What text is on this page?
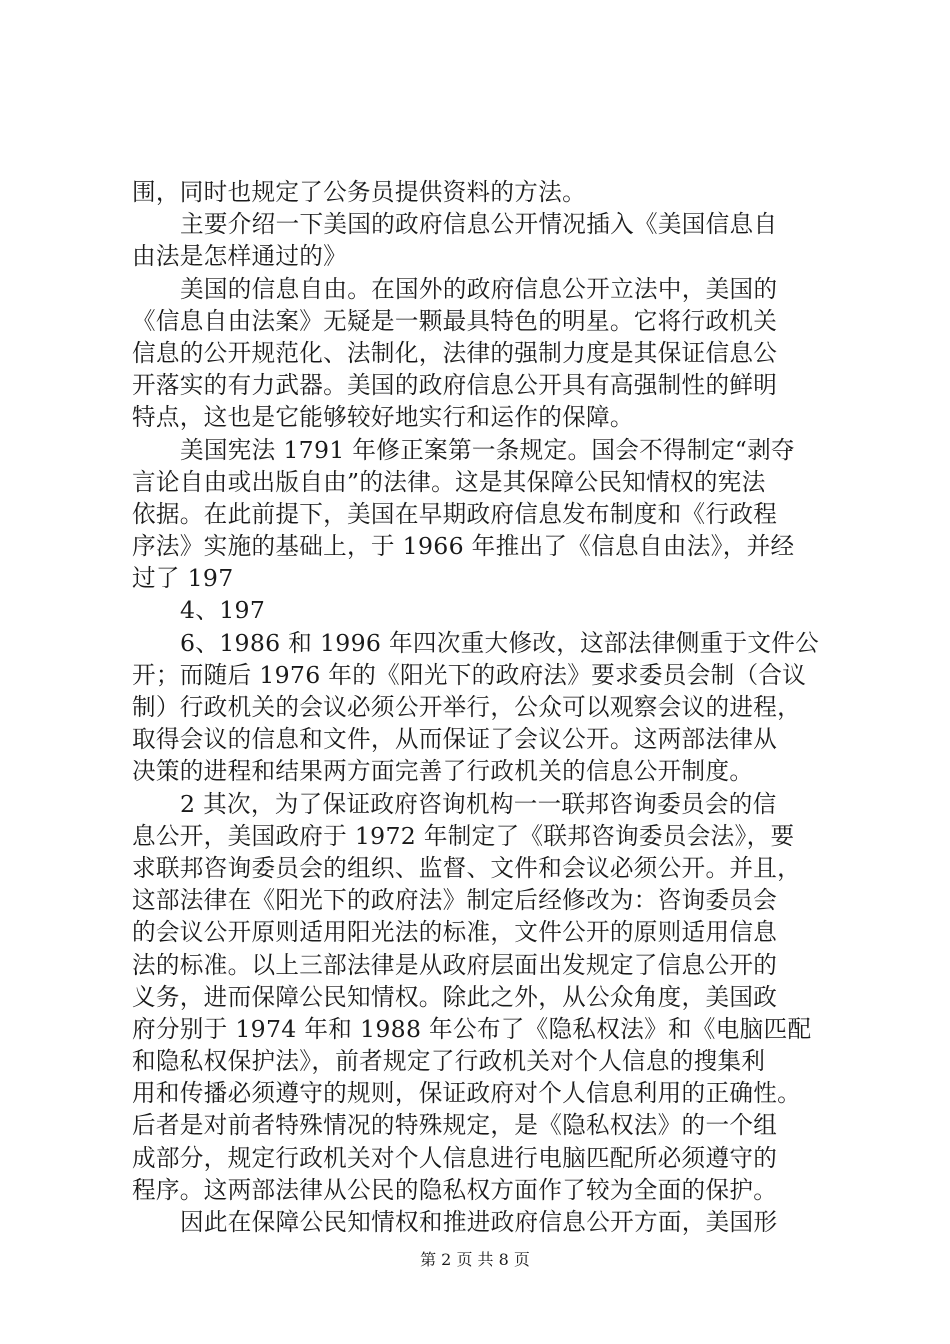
围，同时也规定了公务员提供资料的方法。
主要介绍一下美国的政府信息公开情况插入《美国信息自
由法是怎样通过的》
美国的信息自由。在国外的政府信息公开立法中，美国的
《信息自由法案》无疑是一颗最具特色的明星。它将行政机关
信息的公开规范化、法制化，法律的强制力度是其保证信息公
开落实的有力武器。美国的政府信息公开具有高强制性的鲜明
特点，这也是它能够较好地实行和运作的保障。
美国宪法 1791 年修正案第一条规定。国会不得制定“剥夺
言论自由或出版自由”的法律。这是其保障公民知情权的宪法
依据。在此前提下，美国在早期政府信息发布制度和《行政程
序法》实施的基础上，于 1966 年推出了《信息自由法》，并经
过了 197
4、197
6、1986 和 1996 年四次重大修改，这部法律侧重于文件公
开；而随后 1976 年的《阳光下的政府法》要求委员会制（合议
制）行政机关的会议必须公开举行，公众可以观察会议的进程，
取得会议的信息和文件，从而保证了会议公开。这两部法律从
决策的进程和结果两方面完善了行政机关的信息公开制度。
2 其次，为了保证政府咨询机构一一联邦咨询委员会的信
息公开，美国政府于 1972 年制定了《联邦咨询委员会法》，要
求联邦咨询委员会的组织、监督、文件和会议必须公开。并且，
这部法律在《阳光下的政府法》制定后经修改为：咨询委员会
的会议公开原则适用阳光法的标准，文件公开的原则适用信息
法的标准。以上三部法律是从政府层面出发规定了信息公开的
义务，进而保障公民知情权。除此之外，从公众角度，美国政
府分别于 1974 年和 1988 年公布了《隐私权法》和《电脑匹配
和隐私权保护法》，前者规定了行政机关对个人信息的搜集利
用和传播必须遵守的规则，保证政府对个人信息利用的正确性。
后者是对前者特殊情况的特殊规定，是《隐私权法》的一个组
成部分，规定行政机关对个人信息进行电脑匹配所必须遵守的
程序。这两部法律从公民的隐私权方面作了较为全面的保护。
因此在保障公民知情权和推进政府信息公开方面，美国形
第 2 页 共 8 页
